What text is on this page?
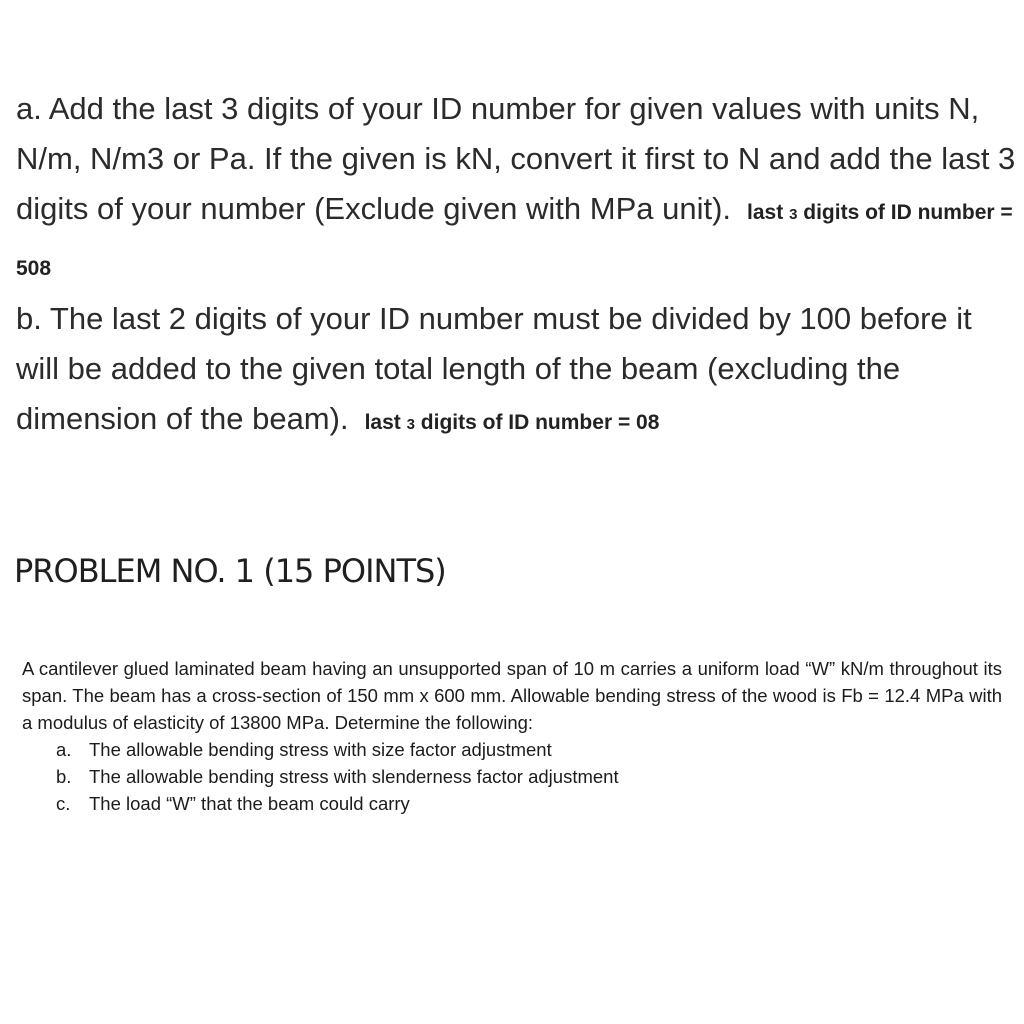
a. Add the last 3 digits of your ID number for given values with units N, N/m, N/m3 or Pa. If the given is kN, convert it first to N and add the last 3 digits of your number (Exclude given with MPa unit). last 3 digits of ID number = 508

b. The last 2 digits of your ID number must be divided by 100 before it will be added to the given total length of the beam (excluding the dimension of the beam). last 3 digits of ID number = 08

PROBLEM NO. 1 (15 POINTS)

A cantilever glued laminated beam having an unsupported span of 10 m carries a uniform load “W” kN/m throughout its span. The beam has a cross-section of 150 mm x 600 mm. Allowable bending stress of the wood is Fb = 12.4 MPa with a modulus of elasticity of 13800 MPa. Determine the following:

a. The allowable bending stress with size factor adjustment
b. The allowable bending stress with slenderness factor adjustment
c. The load “W” that the beam could carry
